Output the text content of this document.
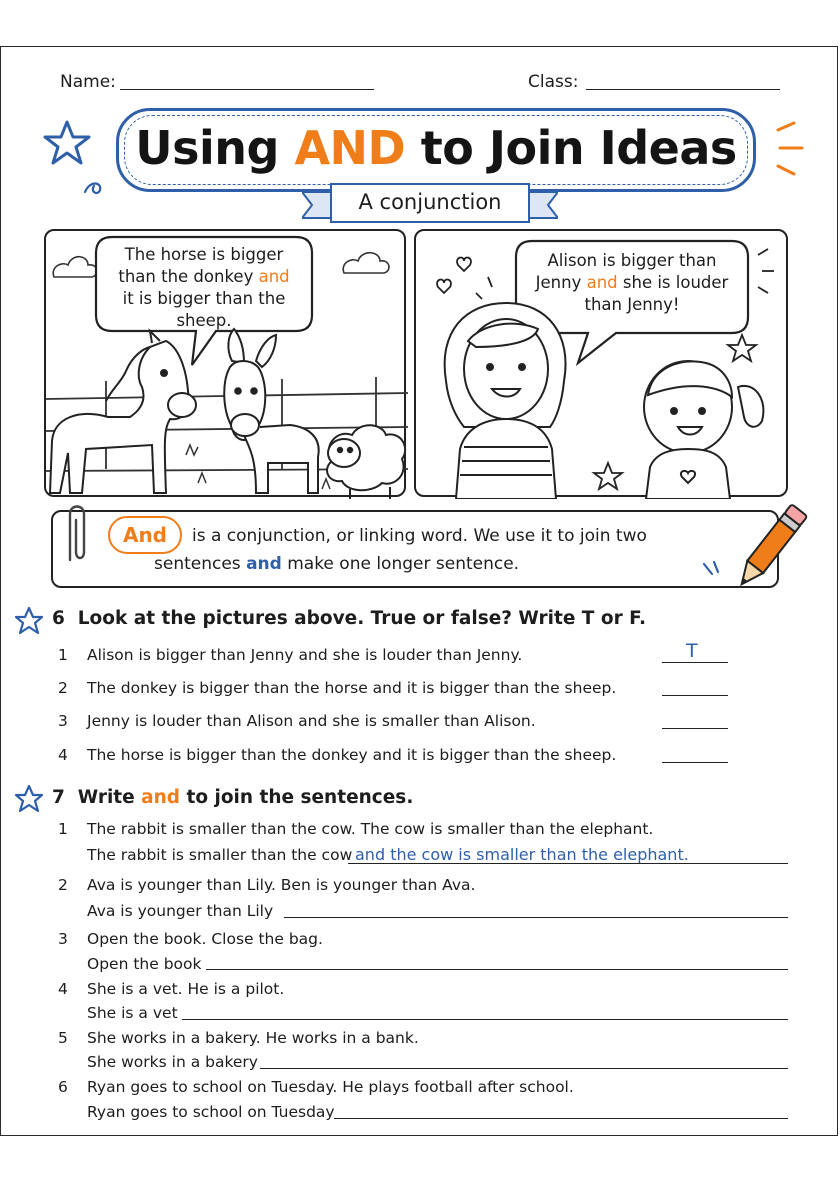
Name:	Class:
Using AND to Join Ideas
A conjunction
The horse is bigger
than the donkey and
it is bigger than the
sheep.
Alison is bigger than
Jenny and she is louder
than Jenny!
And	is a conjunction, or linking word. We use it to join two
sentences and make one longer sentence.
6 Look at the pictures above. True or false? Write T or F.
1 Alison is bigger than Jenny and she is louder than Jenny.	T
2 The donkey is bigger than the horse and it is bigger than the sheep.
3 Jenny is louder than Alison and she is smaller than Alison.
4 The horse is bigger than the donkey and it is bigger than the sheep.
7 Write and to join the sentences.
1 The rabbit is smaller than the cow. The cow is smaller than the elephant.
The rabbit is smaller than the cow and the cow is smaller than the elephant.
2 Ava is younger than Lily. Ben is younger than Ava.
Ava is younger than Lily
3 Open the book. Close the bag.
Open the book
4 She is a vet. He is a pilot.
She is a vet
5 She works in a bakery. He works in a bank.
She works in a bakery
6 Ryan goes to school on Tuesday. He plays football after school.
Ryan goes to school on Tuesday
